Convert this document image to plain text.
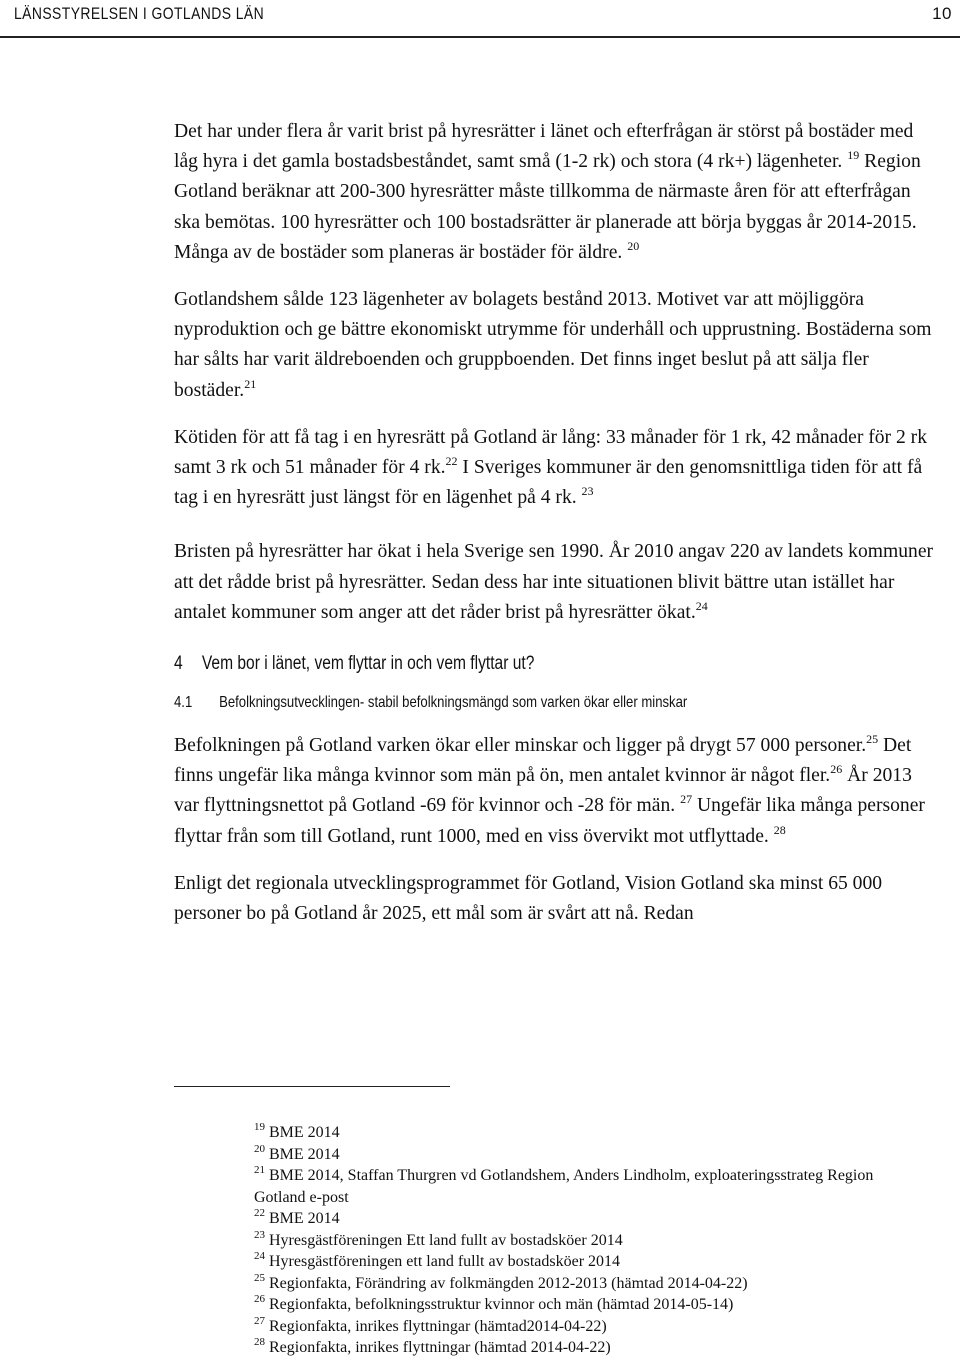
LÄNSSTYRELSEN I GOTLANDS LÄN	10

Det har under flera år varit brist på hyresrätter i länet och efterfrågan är störst på bostäder med låg hyra i det gamla bostadsbeståndet, samt små (1-2 rk) och stora (4 rk+) lägenheter. $^{19}$ Region Gotland beräknar att 200-300 hyresrätter måste tillkomma de närmaste åren för att efterfrågan ska bemötas. 100 hyresrätter och 100 bostadsrätter är planerade att börja byggas år 2014-2015. Många av de bostäder som planeras är bostäder för äldre. $^{20}$

Gotlandshem sålde 123 lägenheter av bolagets bestånd 2013. Motivet var att möjliggöra nyproduktion och ge bättre ekonomiskt utrymme för underhåll och upprustning. Bostäderna som har sålts har varit äldreboenden och gruppboenden. Det finns inget beslut på att sälja fler bostäder.$^{21}$

Kötiden för att få tag i en hyresrätt på Gotland är lång: 33 månader för 1 rk, 42 månader för 2 rk samt 3 rk och 51 månader för 4 rk.$^{22}$ I Sveriges kommuner är den genomsnittliga tiden för att få tag i en hyresrätt just längst för en lägenhet på 4 rk. $^{23}$

Bristen på hyresrätter har ökat i hela Sverige sen 1990. År 2010 angav 220 av landets kommuner att det rådde brist på hyresrätter. Sedan dess har inte situationen blivit bättre utan istället har antalet kommuner som anger att det råder brist på hyresrätter ökat.$^{24}$

4 Vem bor i länet, vem flyttar in och vem flyttar ut?
4.1 Befolkningsutvecklingen- stabil befolkningsmängd som varken ökar eller minskar

Befolkningen på Gotland varken ökar eller minskar och ligger på drygt 57 000 personer.$^{25}$ Det finns ungefär lika många kvinnor som män på ön, men antalet kvinnor är något fler.$^{26}$ År 2013 var flyttningsnettot på Gotland -69 för kvinnor och -28 för män. $^{27}$ Ungefär lika många personer flyttar från som till Gotland, runt 1000, med en viss övervikt mot utflyttade. $^{28}$

Enligt det regionala utvecklingsprogrammet för Gotland, Vision Gotland ska minst 65 000 personer bo på Gotland år 2025, ett mål som är svårt att nå. Redan

$^{19}$ BME 2014
$^{20}$ BME 2014
$^{21}$ BME 2014, Staffan Thurgren vd Gotlandshem, Anders Lindholm, exploateringsstrateg Region Gotland e-post
$^{22}$ BME 2014
$^{23}$ Hyresgästföreningen Ett land fullt av bostadsköer 2014
$^{24}$ Hyresgästföreningen ett land fullt av bostadsköer 2014
$^{25}$ Regionfakta, Förändring av folkmängden 2012-2013 (hämtad 2014-04-22)
$^{26}$ Regionfakta, befolkningsstruktur kvinnor och män (hämtad 2014-05-14)
$^{27}$ Regionfakta, inrikes flyttningar (hämtad2014-04-22)
$^{28}$ Regionfakta, inrikes flyttningar (hämtad 2014-04-22)
